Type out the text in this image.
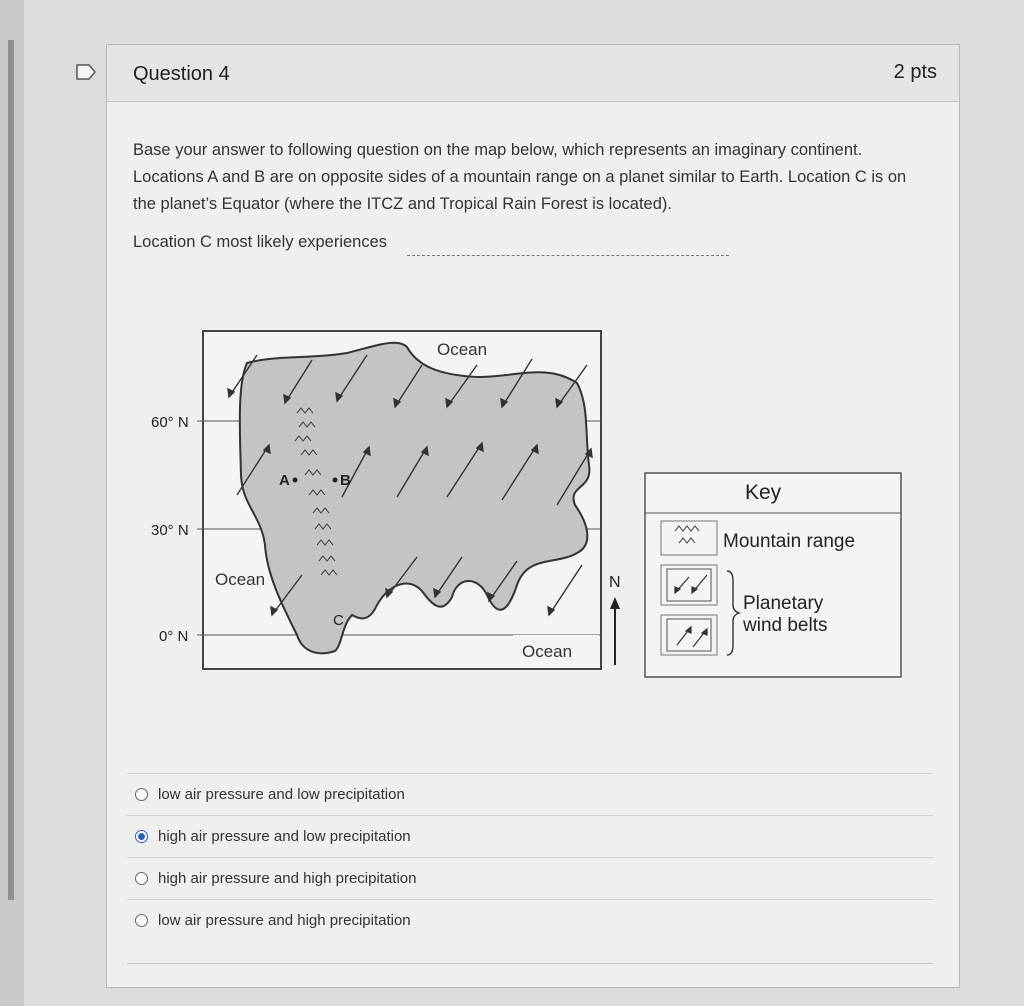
Question 4	2 pts
Base your answer to following question on the map below, which represents an imaginary continent. Locations A and B are on opposite sides of a mountain range on a planet similar to Earth. Location C is on the planet’s Equator (where the ITCZ and Tropical Rain Forest is located).
Location C most likely experiences
60° N
30° N
0° N
A	B
C
Ocean
Ocean
Ocean
N
Key
Mountain range
Planetary
wind belts
low air pressure and low precipitation
high air pressure and low precipitation
high air pressure and high precipitation
low air pressure and high precipitation
